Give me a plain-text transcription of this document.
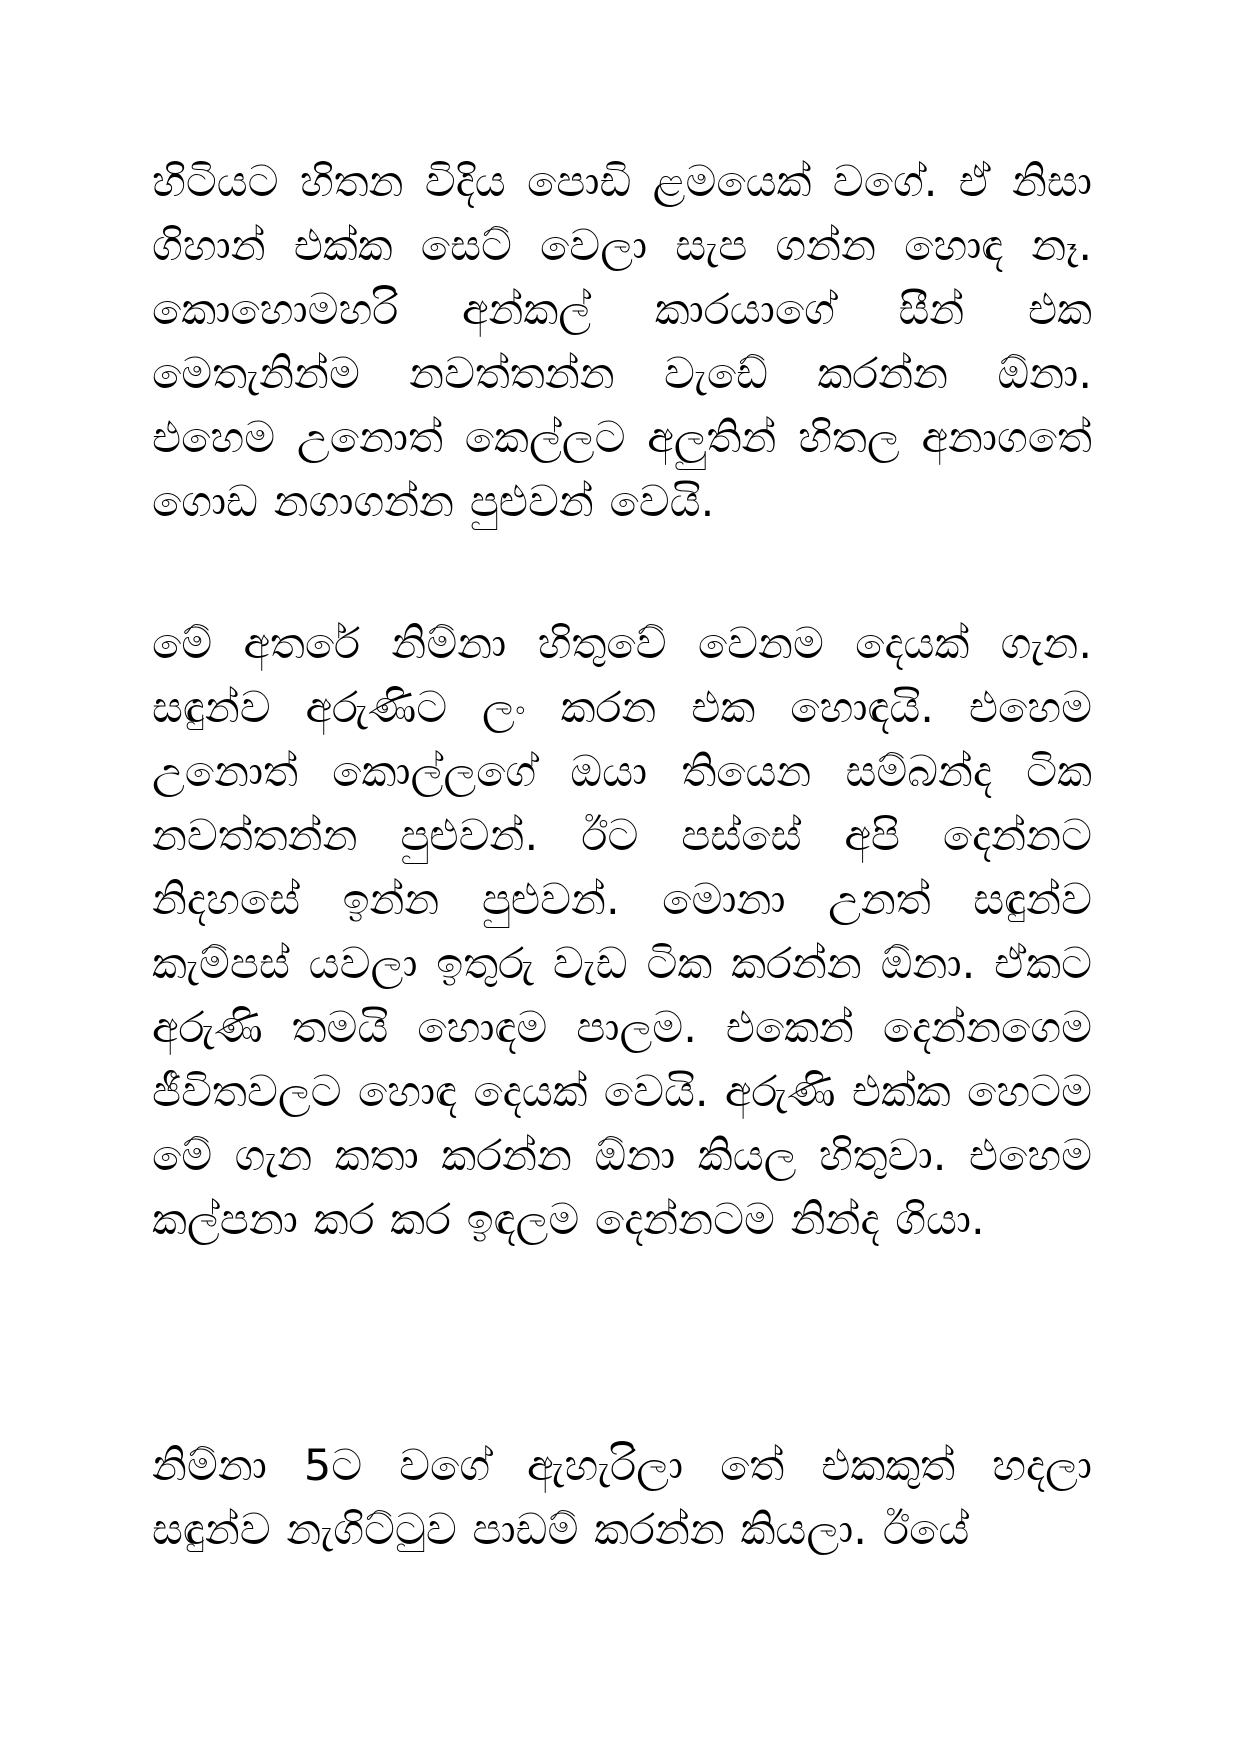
හිටියට හිතන විදිය පොඩි ළමයෙක් වගේ. ඒ නිසා ගිහාන් එක්ක සෙට් වෙලා සැප ගන්න හොඳ නෑ. කොහොමහරි අන්කල් කාරයාගේ සීන් එක මෙතැනින්ම නවත්තන්න වැඩේ කරන්න ඕනා. එහෙම උනොත් කෙල්ලට අලුතින් හිතල අනාගතේ ගොඩ නගාගන්න පුළුවන් වෙයි.

මේ අතරේ නිම්නා හිතුවේ වෙනම දෙයක් ගැන. සඳුන්ව අරුණිට ලං කරන එක හොඳයි. එහෙම උනොත් කොල්ලගේ ඔයා තියෙන සම්බන්ද ටික නවත්තන්න පුළුවන්. ඊට පස්සේ අපි දෙන්නට නිදහසේ ඉන්න පුළුවන්. මොනා උනත් සඳුන්ව කැම්පස් යවලා ඉතුරු වැඩ ටික කරන්න ඕනා. ඒකට අරුණි තමයි හොඳම පාලම. එකෙන් දෙන්නගෙම ජීවිතවලට හොඳ දෙයක් වෙයි. අරුණි එක්ක හෙටම මේ ගැන කතා කරන්න ඕනා කියල හිතුවා. එහෙම කල්පනා කර කර ඉඳලම දෙන්නටම නින්ද ගියා.

නිම්නා 5ට වගේ ඇහැරිලා තේ එකකුත් හදලා සඳුන්ව නැගිට්ටුව පාඩම් කරන්න කියලා. ඊයේ
